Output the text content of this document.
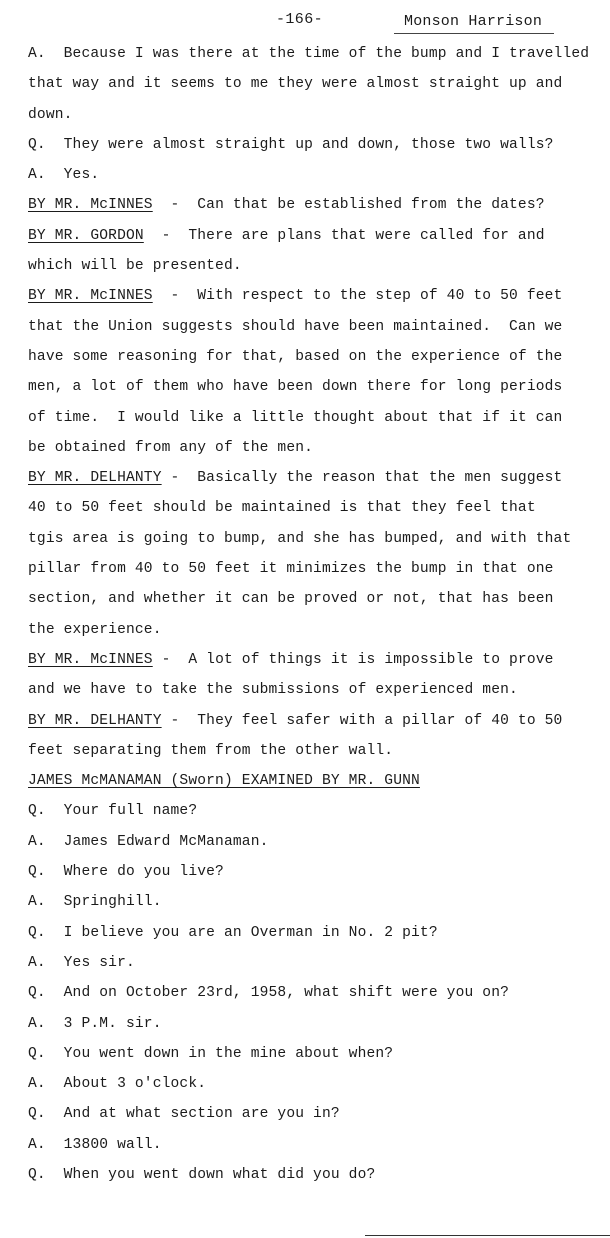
-166-	Monson Harrison
A.  Because I was there at the time of the bump and I travelled
that way and it seems to me they were almost straight up and
down.
Q.  They were almost straight up and down, those two walls?
A.  Yes.
BY MR. McINNES  -  Can that be established from the dates?
BY MR. GORDON  -  There are plans that were called for and
which will be presented.
BY MR. McINNES  -  With respect to the step of 40 to 50 feet
that the Union suggests should have been maintained.  Can we
have some reasoning for that, based on the experience of the
men, a lot of them who have been down there for long periods
of time.  I would like a little thought about that if it can
be obtained from any of the men.
BY MR. DELHANTY -  Basically the reason that the men suggest
40 to 50 feet should be maintained is that they feel that
tgis area is going to bump, and she has bumped, and with that
pillar from 40 to 50 feet it minimizes the bump in that one
section, and whether it can be proved or not, that has been
the experience.
BY MR. McINNES -  A lot of things it is impossible to prove
and we have to take the submissions of experienced men.
BY MR. DELHANTY -  They feel safer with a pillar of 40 to 50
feet separating them from the other wall.
JAMES McMANAMAN (Sworn) EXAMINED BY MR. GUNN
Q.  Your full name?
A.  James Edward McManaman.
Q.  Where do you live?
A.  Springhill.
Q.  I believe you are an Overman in No. 2 pit?
A.  Yes sir.
Q.  And on October 23rd, 1958, what shift were you on?
A.  3 P.M. sir.
Q.  You went down in the mine about when?
A.  About 3 o'clock.
Q.  And at what section are you in?
A.  13800 wall.
Q.  When you went down what did you do?
